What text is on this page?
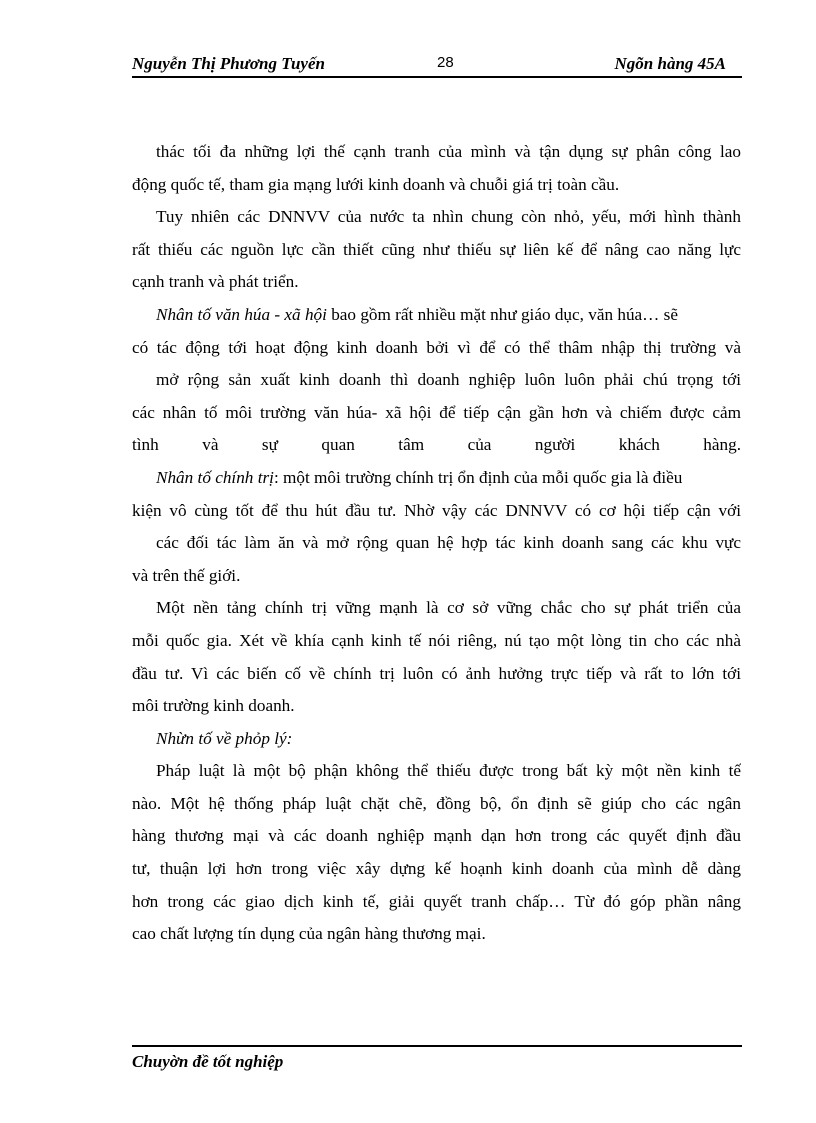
Nguyễn Thị Phương Tuyến	28	Ngõn hàng 45A
thác tối đa những lợi thế cạnh tranh của mình và tận dụng sự phân công lao
động quốc tế, tham gia mạng lưới kinh doanh và chuỗi giá trị toàn cầu.
Tuy nhiên các DNNVV của nước ta nhìn chung còn nhỏ, yếu, mới hình thành
rất thiếu các nguồn lực cần thiết cũng như thiếu sự liên kế để nâng cao năng lực
cạnh tranh và phát triển.
Nhân tố văn húa - xã hội bao gồm rất nhiều mặt như giáo dục, văn húa… sẽ
có tác động tới hoạt động kinh doanh bởi vì để có thể thâm nhập thị trường và
mở rộng sản xuất kinh doanh thì doanh nghiệp luôn luôn phải chú trọng tới
các nhân tố môi trường văn húa- xã hội để tiếp cận gần hơn và chiếm được cảm
tình và sự quan tâm của người khách hàng.
Nhân tố chính trị: một môi trường chính trị ổn định của mỗi quốc gia là điều
kiện vô cùng tốt để thu hút đầu tư. Nhờ vậy các DNNVV có cơ hội tiếp cận với
các đối tác làm ăn và mở rộng quan hệ hợp tác kinh doanh sang các khu vực
và trên thế giới.
Một nền tảng chính trị vững mạnh là cơ sở vững chắc cho sự phát triển của
mỗi quốc gia. Xét về khía cạnh kinh tế nói riêng, nú tạo một lòng tin cho các nhà
đầu tư. Vì các biến cố về chính trị luôn có ảnh hưởng trực tiếp và rất to lớn tới
môi trường kinh doanh.
Nhừn tố về phỏp lý:
Pháp luật là một bộ phận không thể thiếu được trong bất kỳ một nền kinh tế
nào. Một hệ thống pháp luật chặt chẽ, đồng bộ, ổn định sẽ giúp cho các ngân
hàng thương mại và các doanh nghiệp mạnh dạn hơn trong các quyết định đầu
tư, thuận lợi hơn trong việc xây dựng kế hoạnh kinh doanh của mình dễ dàng
hơn trong các giao dịch kinh tế, giải quyết tranh chấp… Từ đó góp phần nâng
cao chất lượng tín dụng của ngân hàng thương mại.
Chuyờn đề tốt nghiệp
